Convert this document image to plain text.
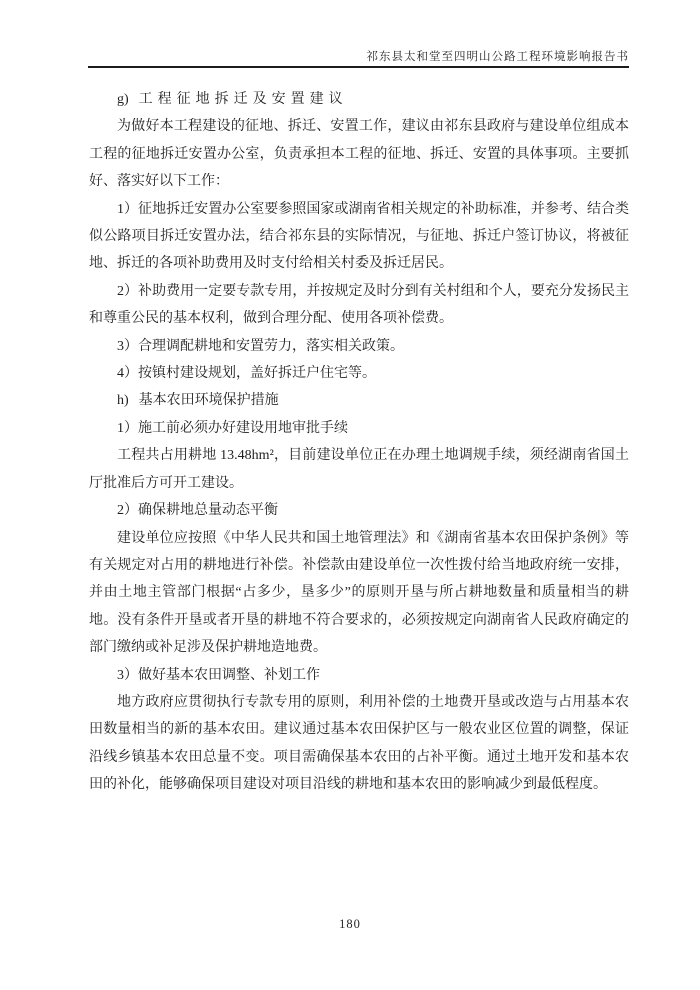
祁东县太和堂至四明山公路工程环境影响报告书

g) 工程征地拆迁及安置建议

为做好本工程建设的征地、拆迁、安置工作，建议由祁东县政府与建设单位组成本工程的征地拆迁安置办公室，负责承担本工程的征地、拆迁、安置的具体事项。主要抓好、落实好以下工作：

1）征地拆迁安置办公室要参照国家或湖南省相关规定的补助标准，并参考、结合类似公路项目拆迁安置办法，结合祁东县的实际情况，与征地、拆迁户签订协议，将被征地、拆迁的各项补助费用及时支付给相关村委及拆迁居民。

2）补助费用一定要专款专用，并按规定及时分到有关村组和个人，要充分发扬民主和尊重公民的基本权利，做到合理分配、使用各项补偿费。

3）合理调配耕地和安置劳力，落实相关政策。

4）按镇村建设规划，盖好拆迁户住宅等。

h) 基本农田环境保护措施

1）施工前必须办好建设用地审批手续

工程共占用耕地 13.48hm²，目前建设单位正在办理土地调规手续，须经湖南省国土厅批准后方可开工建设。

2）确保耕地总量动态平衡

建设单位应按照《中华人民共和国土地管理法》和《湖南省基本农田保护条例》等有关规定对占用的耕地进行补偿。补偿款由建设单位一次性拨付给当地政府统一安排，并由土地主管部门根据“占多少，垦多少”的原则开垦与所占耕地数量和质量相当的耕地。没有条件开垦或者开垦的耕地不符合要求的，必须按规定向湖南省人民政府确定的部门缴纳或补足涉及保护耕地造地费。

3）做好基本农田调整、补划工作

地方政府应贯彻执行专款专用的原则，利用补偿的土地费开垦或改造与占用基本农田数量相当的新的基本农田。建议通过基本农田保护区与一般农业区位置的调整，保证沿线乡镇基本农田总量不变。项目需确保基本农田的占补平衡。通过土地开发和基本农田的补化，能够确保项目建设对项目沿线的耕地和基本农田的影响减少到最低程度。

180
